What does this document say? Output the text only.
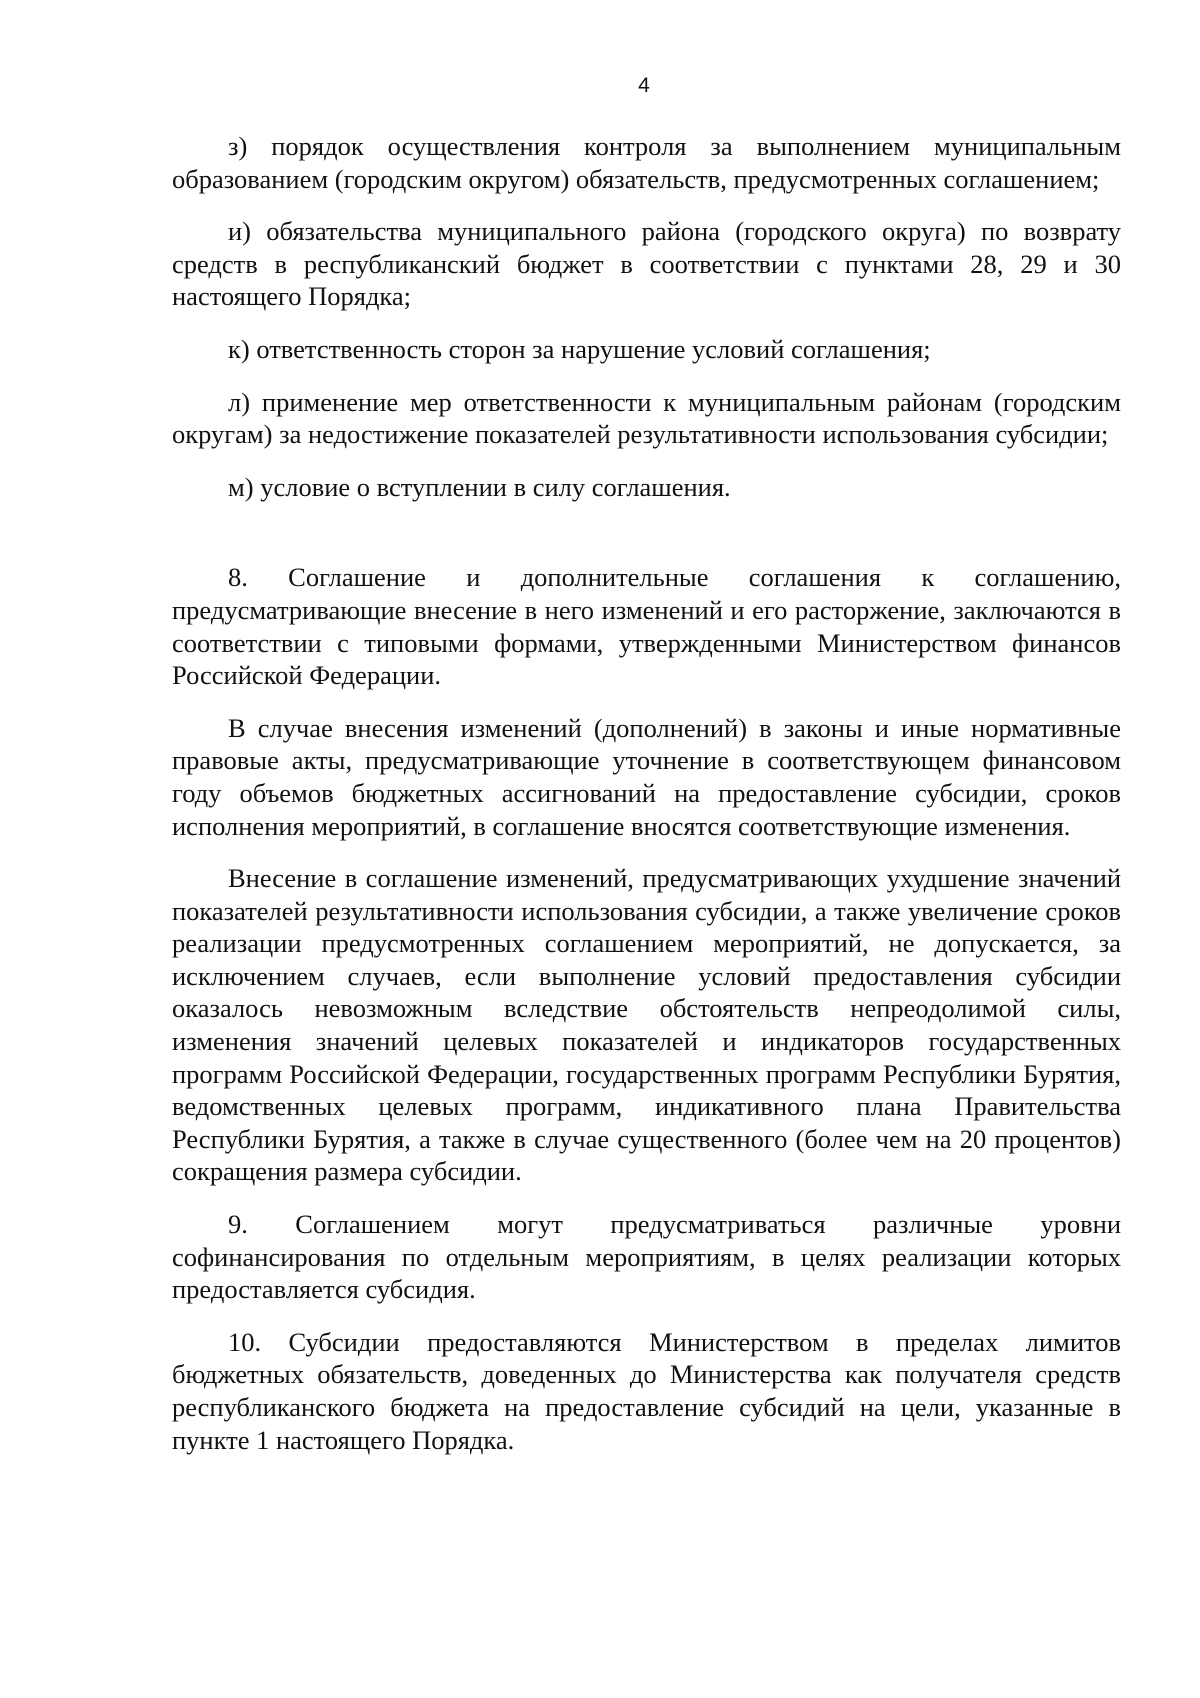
4

з) порядок осуществления контроля за выполнением муниципальным образованием (городским округом) обязательств, предусмотренных соглашением;

и) обязательства муниципального района (городского округа) по возврату средств в республиканский бюджет в соответствии с пунктами 28, 29 и 30 настоящего Порядка;

к) ответственность сторон за нарушение условий соглашения;

л) применение мер ответственности к муниципальным районам (городским округам) за недостижение показателей результативности использования субсидии;

м) условие о вступлении в силу соглашения.

8. Соглашение и дополнительные соглашения к соглашению, предусматривающие внесение в него изменений и его расторжение, заключаются в соответствии с типовыми формами, утвержденными Министерством финансов Российской Федерации.

В случае внесения изменений (дополнений) в законы и иные нормативные правовые акты, предусматривающие уточнение в соответствующем финансовом году объемов бюджетных ассигнований на предоставление субсидии, сроков исполнения мероприятий, в соглашение вносятся соответствующие изменения.

Внесение в соглашение изменений, предусматривающих ухудшение значений показателей результативности использования субсидии, а также увеличение сроков реализации предусмотренных соглашением мероприятий, не допускается, за исключением случаев, если выполнение условий предоставления субсидии оказалось невозможным вследствие обстоятельств непреодолимой силы, изменения значений целевых показателей и индикаторов государственных программ Российской Федерации, государственных программ Республики Бурятия, ведомственных целевых программ, индикативного плана Правительства Республики Бурятия, а также в случае существенного (более чем на 20 процентов) сокращения размера субсидии.

9. Соглашением могут предусматриваться различные уровни софинансирования по отдельным мероприятиям, в целях реализации которых предоставляется субсидия.

10. Субсидии предоставляются Министерством в пределах лимитов бюджетных обязательств, доведенных до Министерства как получателя средств республиканского бюджета на предоставление субсидий на цели, указанные в пункте 1 настоящего Порядка.
